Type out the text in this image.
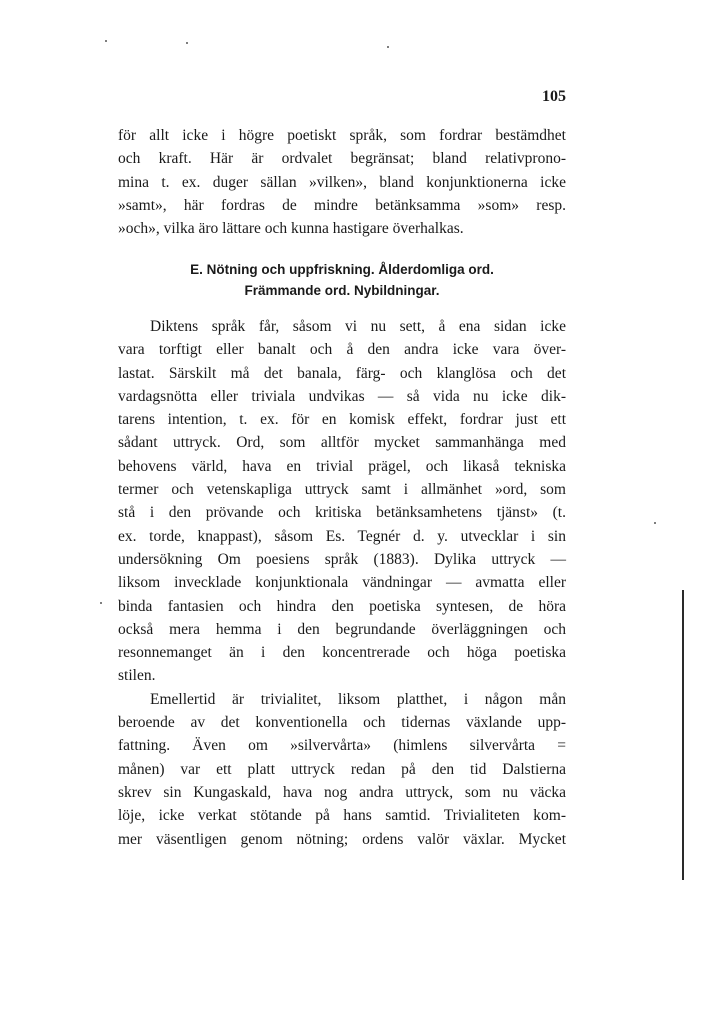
105
för allt icke i högre poetiskt språk, som fordrar bestämdhet
och kraft. Här är ordvalet begränsat; bland relativprono-
mina t. ex. duger sällan »vilken», bland konjunktionerna icke
»samt», här fordras de mindre betänksamma »som» resp.
»och», vilka äro lättare och kunna hastigare överhalkas.
E. Nötning och uppfriskning. Ålderdomliga ord.
Främmande ord. Nybildningar.
Diktens språk får, såsom vi nu sett, å ena sidan icke
vara torftigt eller banalt och å den andra icke vara över-
lastat. Särskilt må det banala, färg- och klanglösa och det
vardagsnötta eller triviala undvikas — så vida nu icke dik-
tarens intention, t. ex. för en komisk effekt, fordrar just ett
sådant uttryck. Ord, som alltför mycket sammanhänga med
behovens värld, hava en trivial prägel, och likaså tekniska
termer och vetenskapliga uttryck samt i allmänhet »ord, som
stå i den prövande och kritiska betänksamhetens tjänst» (t.
ex. torde, knappast), såsom Es. Tegnér d. y. utvecklar i sin
undersökning Om poesiens språk (1883). Dylika uttryck —
liksom invecklade konjunktionala vändningar — avmatta eller
binda fantasien och hindra den poetiska syntesen, de höra
också mera hemma i den begrundande överläggningen och
resonnemanget än i den koncentrerade och höga poetiska
stilen.
Emellertid är trivialitet, liksom platthet, i någon mån
beroende av det konventionella och tidernas växlande upp-
fattning. Även om »silvervårta» (himlens silvervårta =
månen) var ett platt uttryck redan på den tid Dalstierna
skrev sin Kungaskald, hava nog andra uttryck, som nu väcka
löje, icke verkat stötande på hans samtid. Trivialiteten kom-
mer väsentligen genom nötning; ordens valör växlar. Mycket
